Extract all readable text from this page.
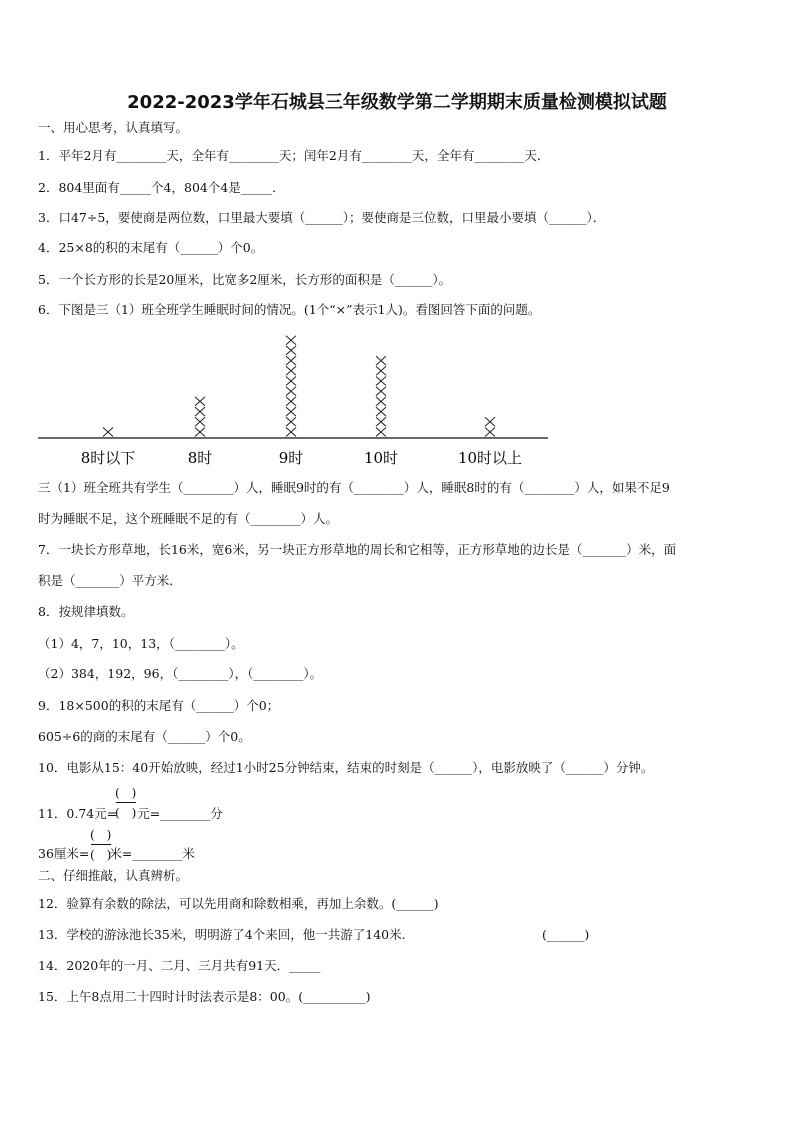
2022-2023学年石城县三年级数学第二学期期末质量检测模拟试题
一、用心思考，认真填写。
1．平年2月有________天，全年有________天；闰年2月有________天，全年有________天．
2．804里面有_____个4，804个4是_____．
3．口47÷5，要使商是两位数，口里最大要填（______）；要使商是三位数，口里最小要填（______）．
4．25×8的积的末尾有（______）个0。
5．一个长方形的长是20厘米，比宽多2厘米，长方形的面积是（______）。
6．下图是三（1）班全班学生睡眠时间的情况。(1个“×”表示1人)。看图回答下面的问题。
8时以下	8时	9时	10时	10时以上
三（1）班全班共有学生（________）人，睡眠9时的有（________）人，睡眠8时的有（________）人，如果不足9
时为睡眠不足，这个班睡眠不足的有（________）人。
7．一块长方形草地，长16米，宽6米，另一块正方形草地的周长和它相等，正方形草地的边长是（_______）米，面
积是（_______）平方米．
8．按规律填数。
（1）4，7，10，13，（________）。
（2）384，192，96，（________），（________）。
9．18×500的积的末尾有（______）个0；
605÷6的商的末尾有（______）个0。
10．电影从15：40开始放映，经过1小时25分钟结束，结束的时刻是（______），电影放映了（______）分钟。
11．0.74元= 元=________分
(　)
(　)
36厘米= 米=________米
(　)
(　)
二、仔细推敲，认真辨析。
12．验算有余数的除法，可以先用商和除数相乘，再加上余数。(______)
13．学校的游泳池长35米，明明游了4个来回，他一共游了140米.	(______)
14．2020年的一月、二月、三月共有91天．_____
15．上午8点用二十四时计时法表示是8：00。(__________)
